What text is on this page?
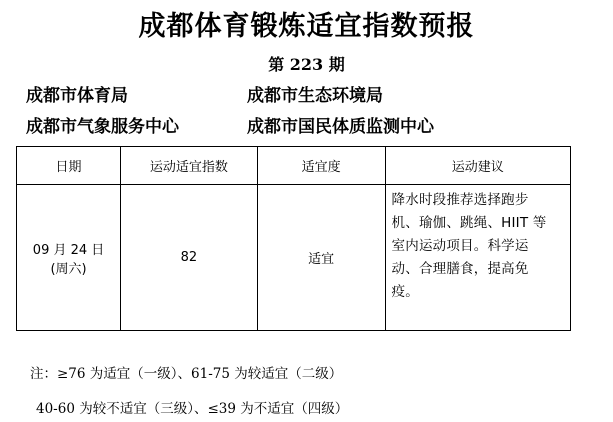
成都体育锻炼适宜指数预报
第 223 期
成都市体育局	成都市生态环境局
成都市气象服务中心	成都市国民体质监测中心
日期	运动适宜指数	适宜度	运动建议

09 月 24 日
(周六)	82	适宜	降水时段推荐选择跑步
机、瑜伽、跳绳、HIIT 等
室内运动项目。科学运
动、合理膳食，提高免
疫。
注：≥76 为适宜（一级）、61-75 为较适宜（二级）
40-60 为较不适宜（三级）、≤39 为不适宜（四级）
